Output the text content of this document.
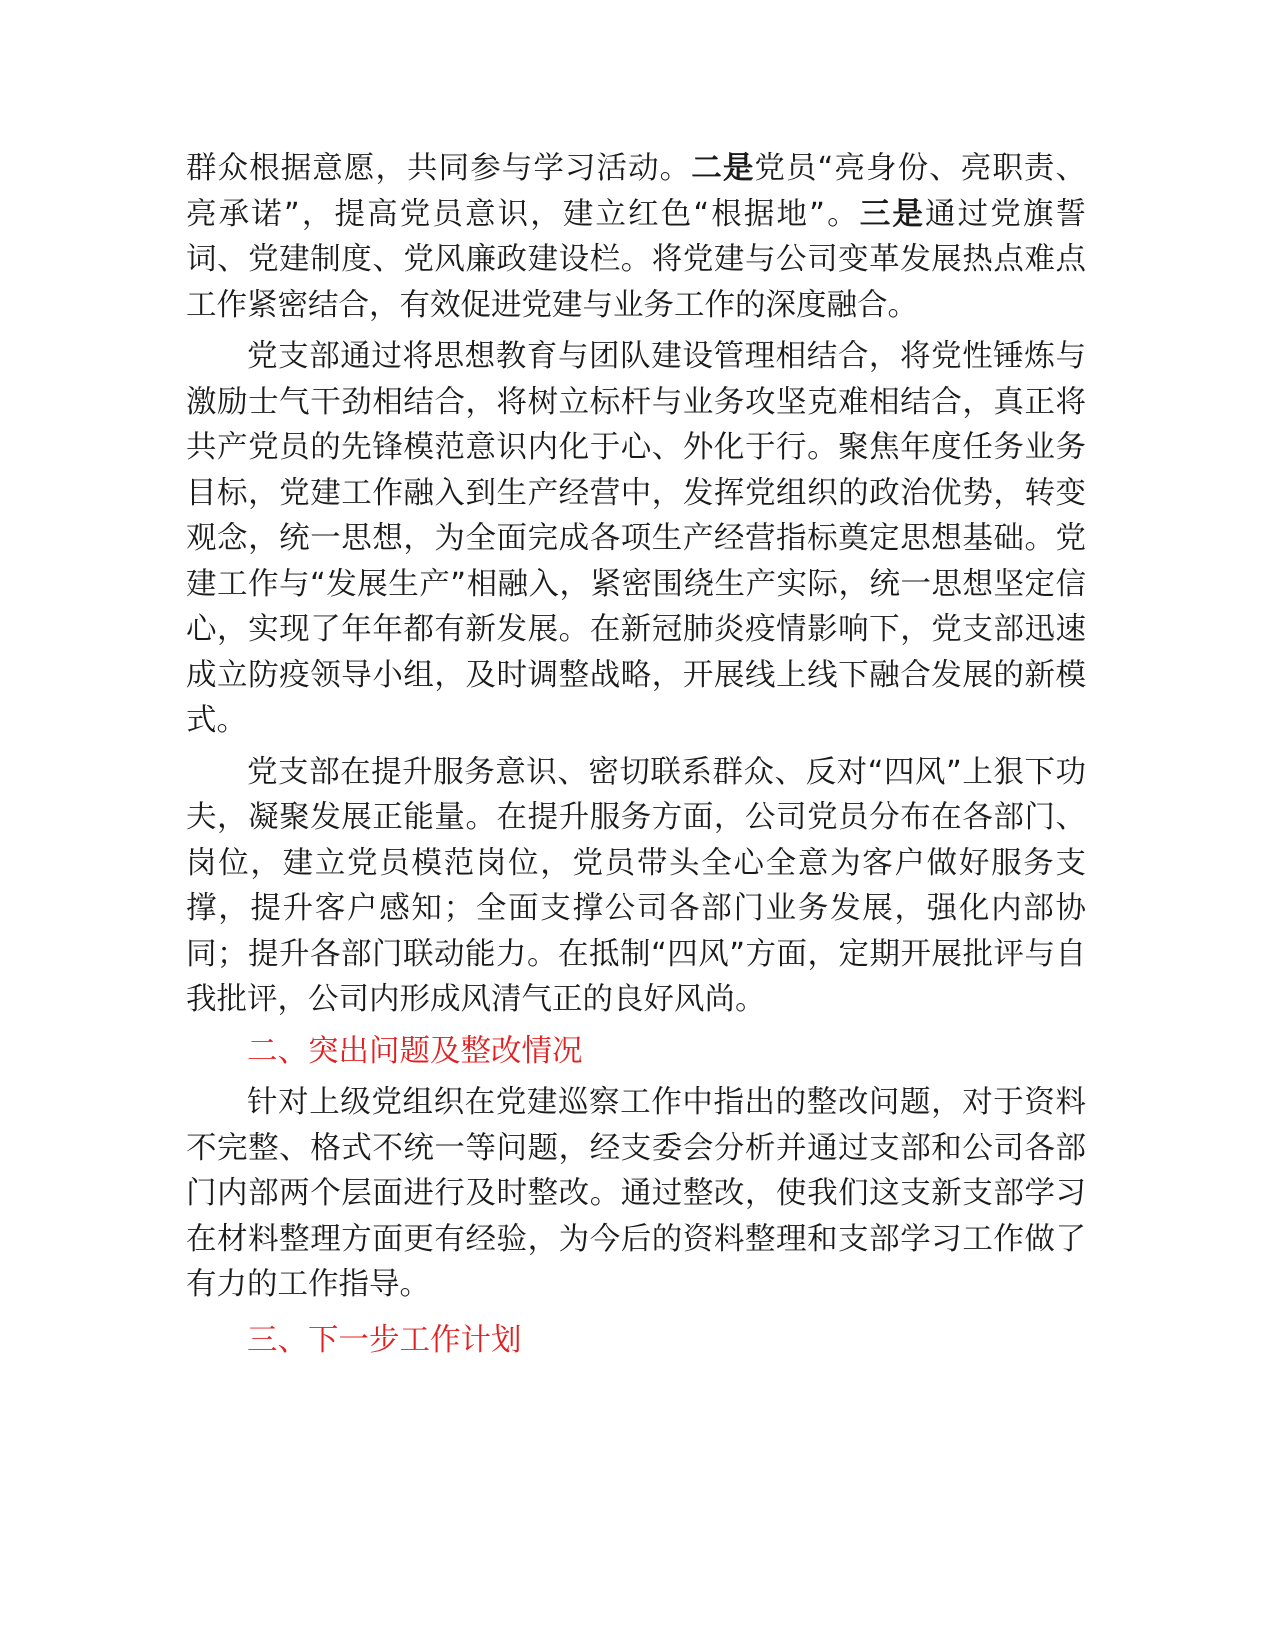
群众根据意愿，共同参与学习活动。二是党员“亮身份、亮职责、亮承诺”，提高党员意识，建立红色“根据地”。三是通过党旗誓词、党建制度、党风廉政建设栏。将党建与公司变革发展热点难点工作紧密结合，有效促进党建与业务工作的深度融合。

党支部通过将思想教育与团队建设管理相结合，将党性锤炼与激励士气干劲相结合，将树立标杆与业务攻坚克难相结合，真正将共产党员的先锋模范意识内化于心、外化于行。聚焦年度任务业务目标，党建工作融入到生产经营中，发挥党组织的政治优势，转变观念，统一思想，为全面完成各项生产经营指标奠定思想基础。党建工作与“发展生产”相融入，紧密围绕生产实际，统一思想坚定信心，实现了年年都有新发展。在新冠肺炎疫情影响下，党支部迅速成立防疫领导小组，及时调整战略，开展线上线下融合发展的新模式。

党支部在提升服务意识、密切联系群众、反对“四风”上狠下功夫，凝聚发展正能量。在提升服务方面，公司党员分布在各部门、岗位，建立党员模范岗位，党员带头全心全意为客户做好服务支撑，提升客户感知；全面支撑公司各部门业务发展，强化内部协同；提升各部门联动能力。在抵制“四风”方面，定期开展批评与自我批评，公司内形成风清气正的良好风尚。

二、突出问题及整改情况

针对上级党组织在党建巡察工作中指出的整改问题，对于资料不完整、格式不统一等问题，经支委会分析并通过支部和公司各部门内部两个层面进行及时整改。通过整改，使我们这支新支部学习在材料整理方面更有经验，为今后的资料整理和支部学习工作做了有力的工作指导。

三、下一步工作计划
